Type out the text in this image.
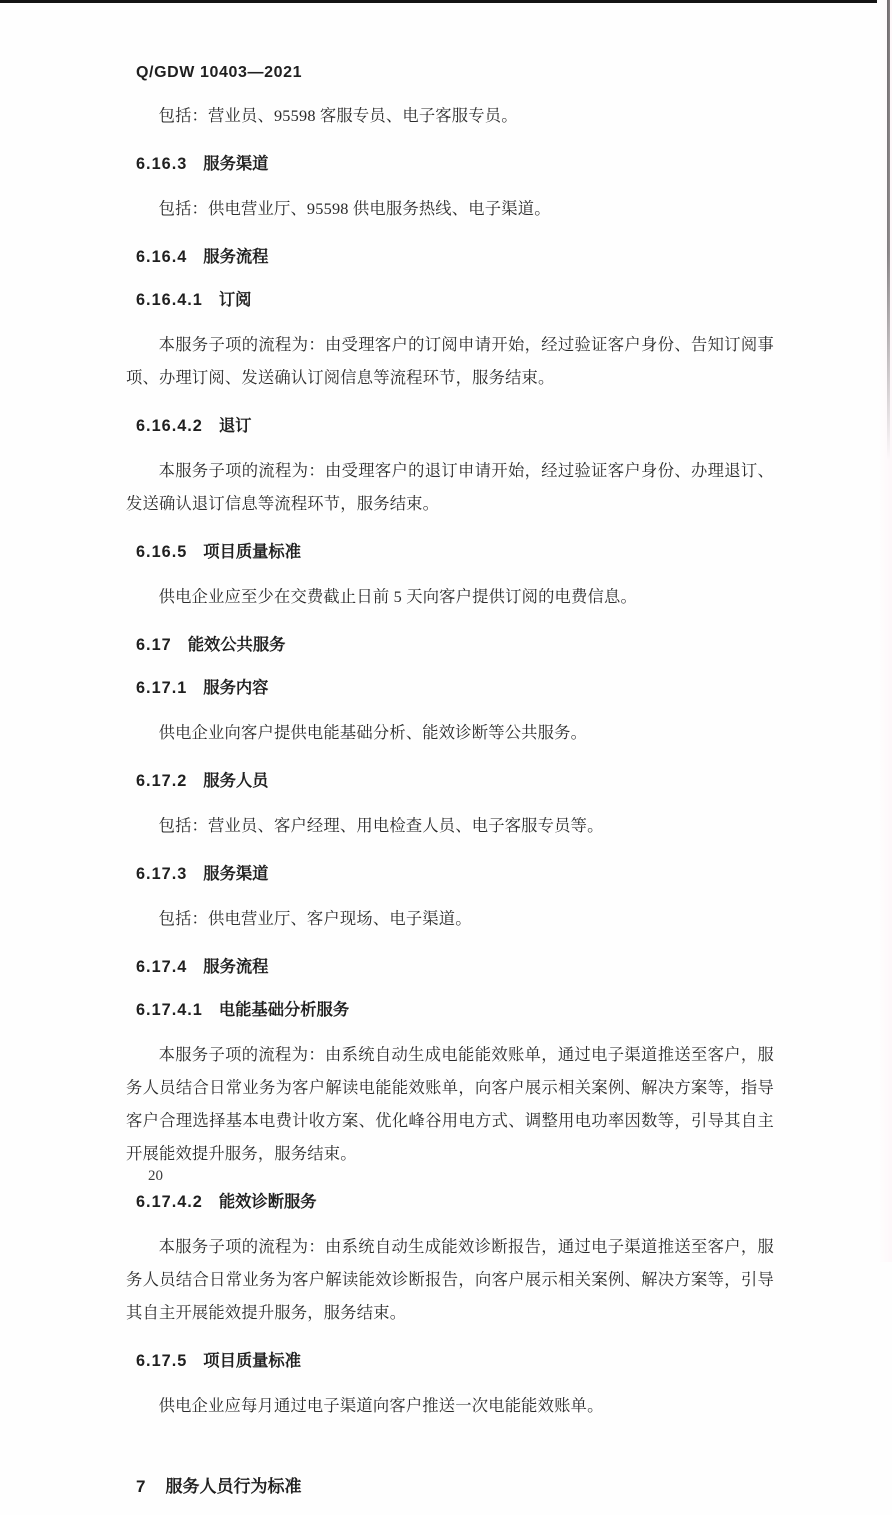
Q/GDW 10403—2021

包括：营业员、95598 客服专员、电子客服专员。

6.16.3 服务渠道

包括：供电营业厅、95598 供电服务热线、电子渠道。

6.16.4 服务流程
6.16.4.1 订阅

本服务子项的流程为：由受理客户的订阅申请开始，经过验证客户身份、告知订阅事项、办理订阅、发送确认订阅信息等流程环节，服务结束。

6.16.4.2 退订

本服务子项的流程为：由受理客户的退订申请开始，经过验证客户身份、办理退订、发送确认退订信息等流程环节，服务结束。

6.16.5 项目质量标准

供电企业应至少在交费截止日前 5 天向客户提供订阅的电费信息。

6.17 能效公共服务
6.17.1 服务内容

供电企业向客户提供电能基础分析、能效诊断等公共服务。

6.17.2 服务人员

包括：营业员、客户经理、用电检查人员、电子客服专员等。

6.17.3 服务渠道

包括：供电营业厅、客户现场、电子渠道。

6.17.4 服务流程
6.17.4.1 电能基础分析服务

本服务子项的流程为：由系统自动生成电能能效账单，通过电子渠道推送至客户，服务人员结合日常业务为客户解读电能能效账单，向客户展示相关案例、解决方案等，指导客户合理选择基本电费计收方案、优化峰谷用电方式、调整用电功率因数等，引导其自主开展能效提升服务，服务结束。

6.17.4.2 能效诊断服务

本服务子项的流程为：由系统自动生成能效诊断报告，通过电子渠道推送至客户，服务人员结合日常业务为客户解读能效诊断报告，向客户展示相关案例、解决方案等，引导其自主开展能效提升服务，服务结束。

6.17.5 项目质量标准

供电企业应每月通过电子渠道向客户推送一次电能能效账单。

7 服务人员行为标准
20
